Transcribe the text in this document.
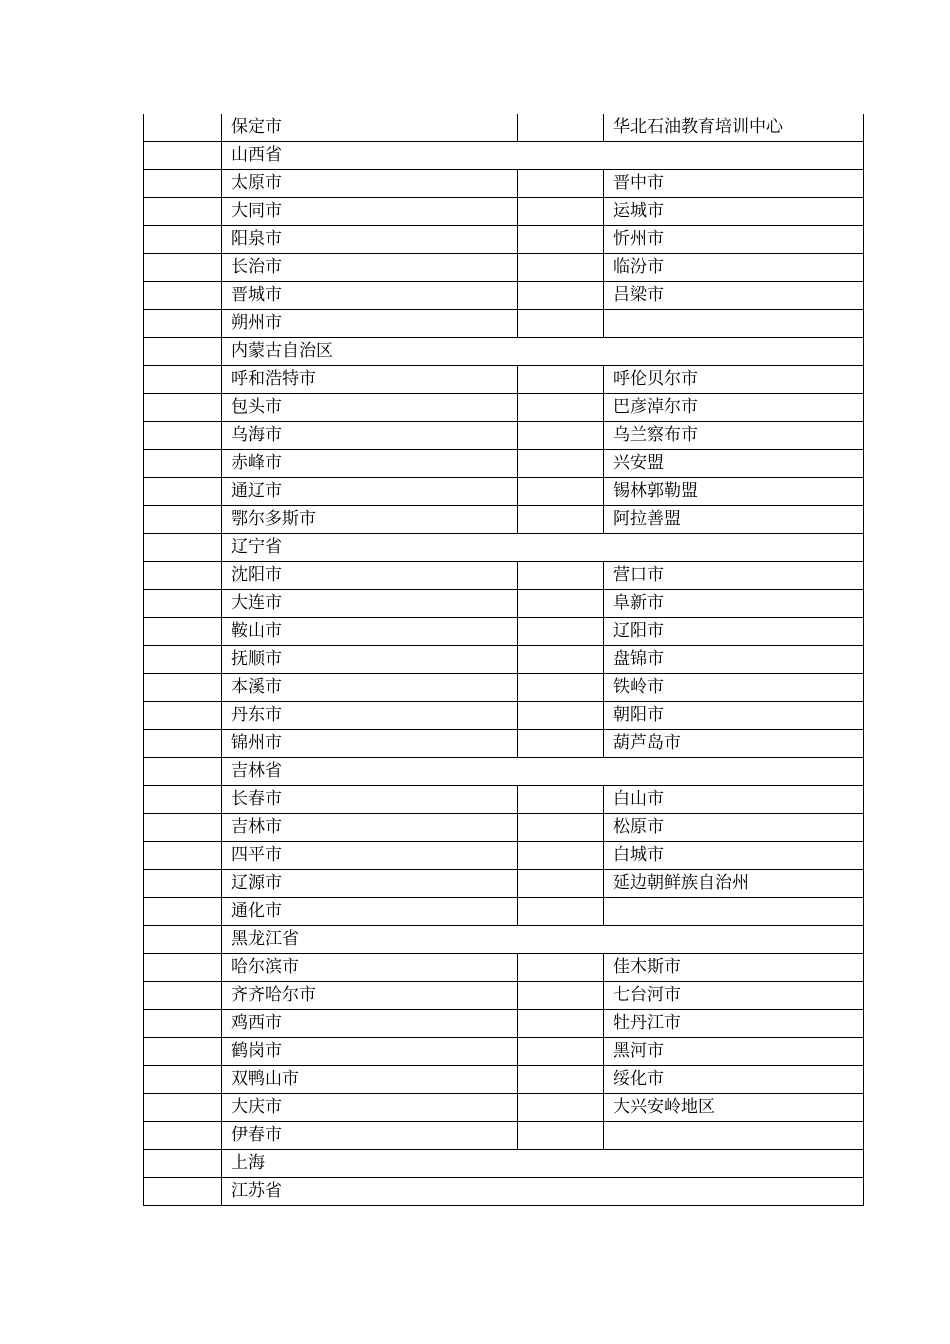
	保定市		华北石油教育培训中心
	山西省		
	太原市		晋中市
	大同市		运城市
	阳泉市		忻州市
	长治市		临汾市
	晋城市		吕梁市
	朔州市		
	内蒙古自治区		
	呼和浩特市		呼伦贝尔市
	包头市		巴彦淖尔市
	乌海市		乌兰察布市
	赤峰市		兴安盟
	通辽市		锡林郭勒盟
	鄂尔多斯市		阿拉善盟
	辽宁省		
	沈阳市		营口市
	大连市		阜新市
	鞍山市		辽阳市
	抚顺市		盘锦市
	本溪市		铁岭市
	丹东市		朝阳市
	锦州市		葫芦岛市
	吉林省		
	长春市		白山市
	吉林市		松原市
	四平市		白城市
	辽源市		延边朝鲜族自治州
	通化市		
	黑龙江省		
	哈尔滨市		佳木斯市
	齐齐哈尔市		七台河市
	鸡西市		牡丹江市
	鹤岗市		黑河市
	双鸭山市		绥化市
	大庆市		大兴安岭地区
	伊春市		
	上海		
	江苏省		
